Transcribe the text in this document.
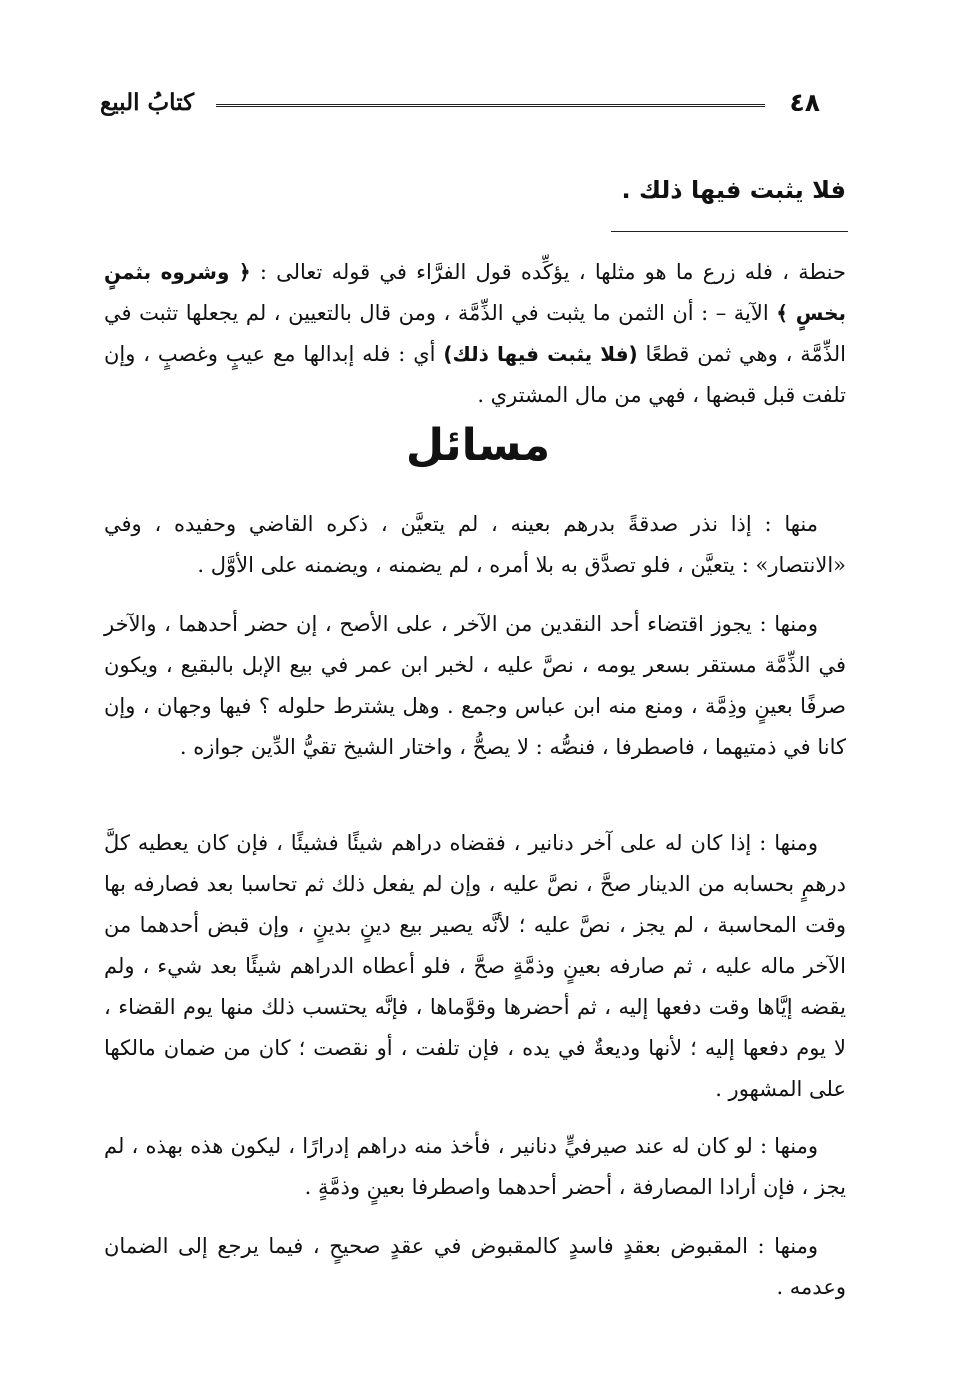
٤٨
كتابُ البيع
فلا يثبت فيها ذلك .

حنطة ، فله زرع ما هو مثلها ، يؤكِّده قول الفرَّاء في قوله تعالى : ﴿ وشروه بثمنٍ بخسٍ ﴾ الآية – : أن الثمن ما يثبت في الذِّمَّة ، ومن قال بالتعيين ، لم يجعلها تثبت في الذِّمَّة ، وهي ثمن قطعًا (فلا يثبت فيها ذلك) أي : فله إبدالها مع عيبٍ وغصبٍ ، وإن تلفت قبل قبضها ، فهي من مال المشتري .

مسائل

منها : إذا نذر صدقةً بدرهم بعينه ، لم يتعيَّن ، ذكره القاضي وحفيده ، وفي «الانتصار» : يتعيَّن ، فلو تصدَّق به بلا أمره ، لم يضمنه ، ويضمنه على الأوَّل .

ومنها : يجوز اقتضاء أحد النقدين من الآخر ، على الأصح ، إن حضر أحدهما ، والآخر في الذِّمَّة مستقر بسعر يومه ، نصَّ عليه ، لخبر ابن عمر في بيع الإبل بالبقيع ، ويكون صرفًا بعينٍ وذِمَّة ، ومنع منه ابن عباس وجمع . وهل يشترط حلوله ؟ فيها وجهان ، وإن كانا في ذمتيهما ، فاصطرفا ، فنصُّه : لا يصحُّ ، واختار الشيخ تقيُّ الدِّين جوازه .

ومنها : إذا كان له على آخر دنانير ، فقضاه دراهم شيئًا فشيئًا ، فإن كان يعطيه كلَّ درهمٍ بحسابه من الدينار صحَّ ، نصَّ عليه ، وإن لم يفعل ذلك ثم تحاسبا بعد فصارفه بها وقت المحاسبة ، لم يجز ، نصَّ عليه ؛ لأنَّه يصير بيع دينٍ بدينٍ ، وإن قبض أحدهما من الآخر ماله عليه ، ثم صارفه بعينٍ وذمَّةٍ صحَّ ، فلو أعطاه الدراهم شيئًا بعد شيء ، ولم يقضه إيَّاها وقت دفعها إليه ، ثم أحضرها وقوَّماها ، فإنَّه يحتسب ذلك منها يوم القضاء ، لا يوم دفعها إليه ؛ لأنها وديعةٌ في يده ، فإن تلفت ، أو نقصت ؛ كان من ضمان مالكها على المشهور .

ومنها : لو كان له عند صيرفيٍّ دنانير ، فأخذ منه دراهم إدرارًا ، ليكون هذه بهذه ، لم يجز ، فإن أرادا المصارفة ، أحضر أحدهما واصطرفا بعينٍ وذمَّةٍ .

ومنها : المقبوض بعقدٍ فاسدٍ كالمقبوض في عقدٍ صحيحٍ ، فيما يرجع إلى الضمان وعدمه .
